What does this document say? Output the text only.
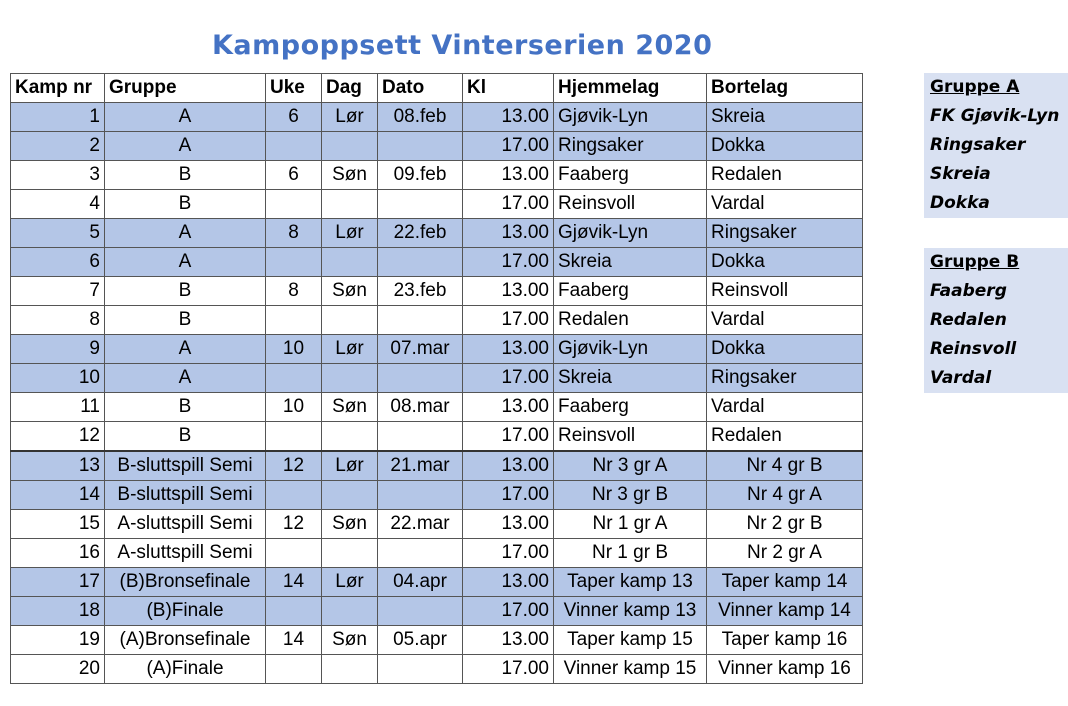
Kampoppsett Vinterserien 2020
Kamp nr	Gruppe	Uke	Dag	Dato	Kl	Hjemmelag	Bortelag
1	A	6	Lør	08.feb	13.00	Gjøvik-Lyn	Skreia
2	A				17.00	Ringsaker	Dokka
3	B	6	Søn	09.feb	13.00	Faaberg	Redalen
4	B				17.00	Reinsvoll	Vardal
5	A	8	Lør	22.feb	13.00	Gjøvik-Lyn	Ringsaker
6	A				17.00	Skreia	Dokka
7	B	8	Søn	23.feb	13.00	Faaberg	Reinsvoll
8	B				17.00	Redalen	Vardal
9	A	10	Lør	07.mar	13.00	Gjøvik-Lyn	Dokka
10	A				17.00	Skreia	Ringsaker
11	B	10	Søn	08.mar	13.00	Faaberg	Vardal
12	B				17.00	Reinsvoll	Redalen
13	B-sluttspill Semi	12	Lør	21.mar	13.00	Nr 3 gr A	Nr 4 gr B
14	B-sluttspill Semi				17.00	Nr 3 gr B	Nr 4 gr A
15	A-sluttspill Semi	12	Søn	22.mar	13.00	Nr 1 gr A	Nr 2 gr B
16	A-sluttspill Semi				17.00	Nr 1 gr B	Nr 2 gr A
17	(B)Bronsefinale	14	Lør	04.apr	13.00	Taper kamp 13	Taper kamp 14
18	(B)Finale				17.00	Vinner kamp 13	Vinner kamp 14
19	(A)Bronsefinale	14	Søn	05.apr	13.00	Taper kamp 15	Taper kamp 16
20	(A)Finale				17.00	Vinner kamp 15	Vinner kamp 16
Gruppe A
FK Gjøvik-Lyn
Ringsaker
Skreia
Dokka
Gruppe B
Faaberg
Redalen
Reinsvoll
Vardal
